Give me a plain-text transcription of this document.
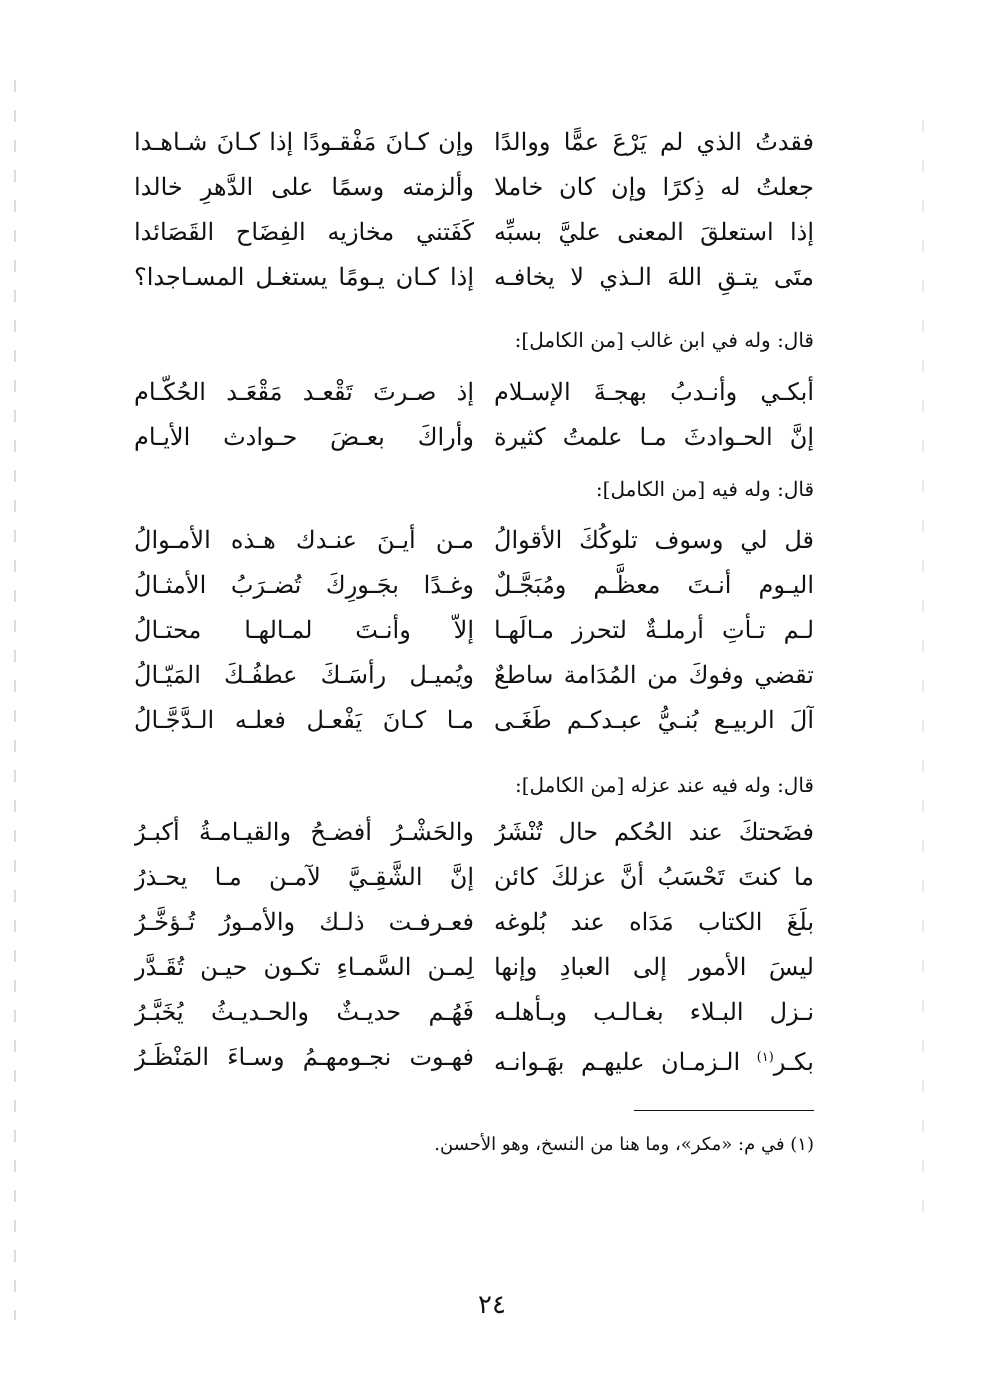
فقدتُ الذي لم يَرْعَ عمًّا ووالدًا
وإن كـانَ مَفْقـودًا إذا كـانَ شـاهـدا
جعلتُ له ذِكرًا وإن كان خاملا
وألزمته وسمًا على الدَّهرِ خالدا
إذا استعلقَ المعنى عليَّ بسبِّه
كَفَتني مخازيه الفِضَاح القَصَائدا
متَى يتـقِ اللهَ الـذي لا يخافـه
إذا كـان يـومًا يستغـل المسـاجدا؟
قال: وله في ابن غالب [من الكامل]:
أبكـي وأنـدبُ بهجـةَ الإسـلام
إذ صـرتَ تَقْعـد مَقْعَـد الحُكّـام
إنَّ الحـوادثَ مـا علمتُ كثيرة
وأراكَ بعـضَ حـوادث الأيـام
قال: وله فيه [من الكامل]:
قل لي وسوف تلوكُكَ الأقوالُ
مـن أيـنَ عنـدك هـذه الأمـوالُ
اليـوم أنـتَ معظَّـم ومُبَجَّـلٌ
وغـدًا بجَـورِكَ تُضـرَبُ الأمثـالُ
لـم تـأتِ أرملـةٌ لتحرز مـالَهـا
إلاّ وأنـتَ لمـالهـا محتـالُ
تقضي وفوكَ من المُدَامة ساطعٌ
ويُميـل رأسَـكَ عطفُـكَ المَيّـالُ
آلَ الربيـع بُنـيُّ عبـدكـم طَغَـى
مـا كـانَ يَفْعـل فعلـه الـدَّجَّـالُ
قال: وله فيه عند عزله [من الكامل]:
فضَحتكَ عند الحُكم حال تُنْشَرُ
والحَشْـرُ أفضـحُ والقيـامـةُ أكبـرُ
ما كنتَ تَحْسَبُ أنَّ عزلكَ كائن
إنَّ الشَّقِـيَّ لآمـن مـا يحـذرُ
بلَغَ الكتاب مَدَاه عند بُلوغه
فعـرفـت ذلـك والأمـورُ تُـؤخَّـرُ
ليسَ الأمور إلى العبادِ وإنها
لِمـن السَّمـاءِ تكـون حيـن تُقَـدَّر
نـزل البـلاء بغـالـب وبـأهلـه
فَهُـم حديـثٌ والحـديـثُ يُخَبَّـرُ
بكـر$^{(١)}$ الـزمـان عليهـم بهَـوانـه
فهـوت نجـومهـمُ وسـاءَ المَنْظَـرُ
(١) في م: «مكر»، وما هنا من النسخ، وهو الأحسن.
٢٤
